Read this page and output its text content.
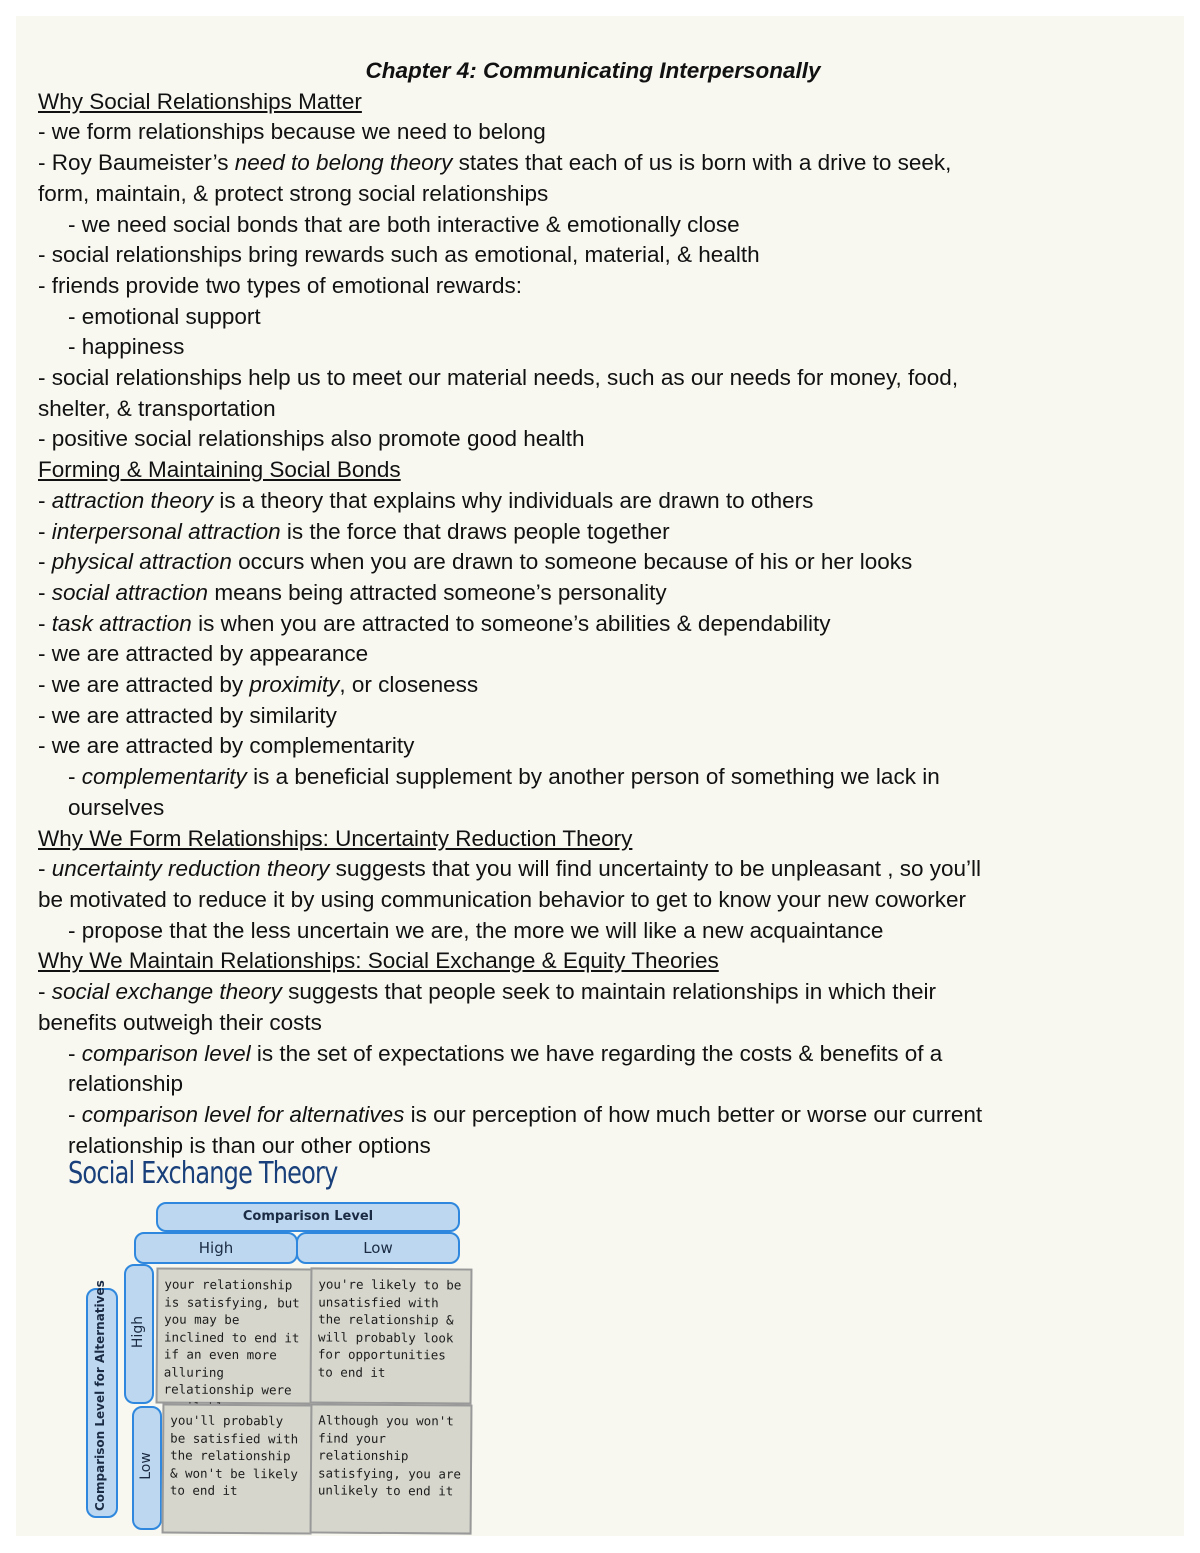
Chapter 4: Communicating Interpersonally
Why Social Relationships Matter
- we form relationships because we need to belong
- Roy Baumeister’s need to belong theory states that each of us is born with a drive to seek,
form, maintain, & protect strong social relationships
- we need social bonds that are both interactive & emotionally close
- social relationships bring rewards such as emotional, material, & health
- friends provide two types of emotional rewards:
- emotional support
- happiness
- social relationships help us to meet our material needs, such as our needs for money, food,
shelter, & transportation
- positive social relationships also promote good health
Forming & Maintaining Social Bonds
- attraction theory is a theory that explains why individuals are drawn to others
- interpersonal attraction is the force that draws people together
- physical attraction occurs when you are drawn to someone because of his or her looks
- social attraction means being attracted someone’s personality
- task attraction is when you are attracted to someone’s abilities & dependability
- we are attracted by appearance
- we are attracted by proximity, or closeness
- we are attracted by similarity
- we are attracted by complementarity
- complementarity is a beneficial supplement by another person of something we lack in
ourselves
Why We Form Relationships: Uncertainty Reduction Theory
- uncertainty reduction theory suggests that you will find uncertainty to be unpleasant , so you’ll
be motivated to reduce it by using communication behavior to get to know your new coworker
- propose that the less uncertain we are, the more we will like a new acquaintance
Why We Maintain Relationships: Social Exchange & Equity Theories
- social exchange theory suggests that people seek to maintain relationships in which their
benefits outweigh their costs
- comparison level is the set of expectations we have regarding the costs & benefits of a
relationship
- comparison level for alternatives is our perception of how much better or worse our current
relationship is than our other options
Social Exchange Theory
Comparison Level
High	Low
Comparison Level for Alternatives High
Low
your relationship is satisfying, but you may be inclined to end it if an even more alluring relationship were
you're likely to be unsatisfied with the relationship & will probably look for opportunities to end it
you'll probably be satisfied with the relationship & won't be likely to end it
Although you won't find your relationship satisfying, you are unlikely to end it
